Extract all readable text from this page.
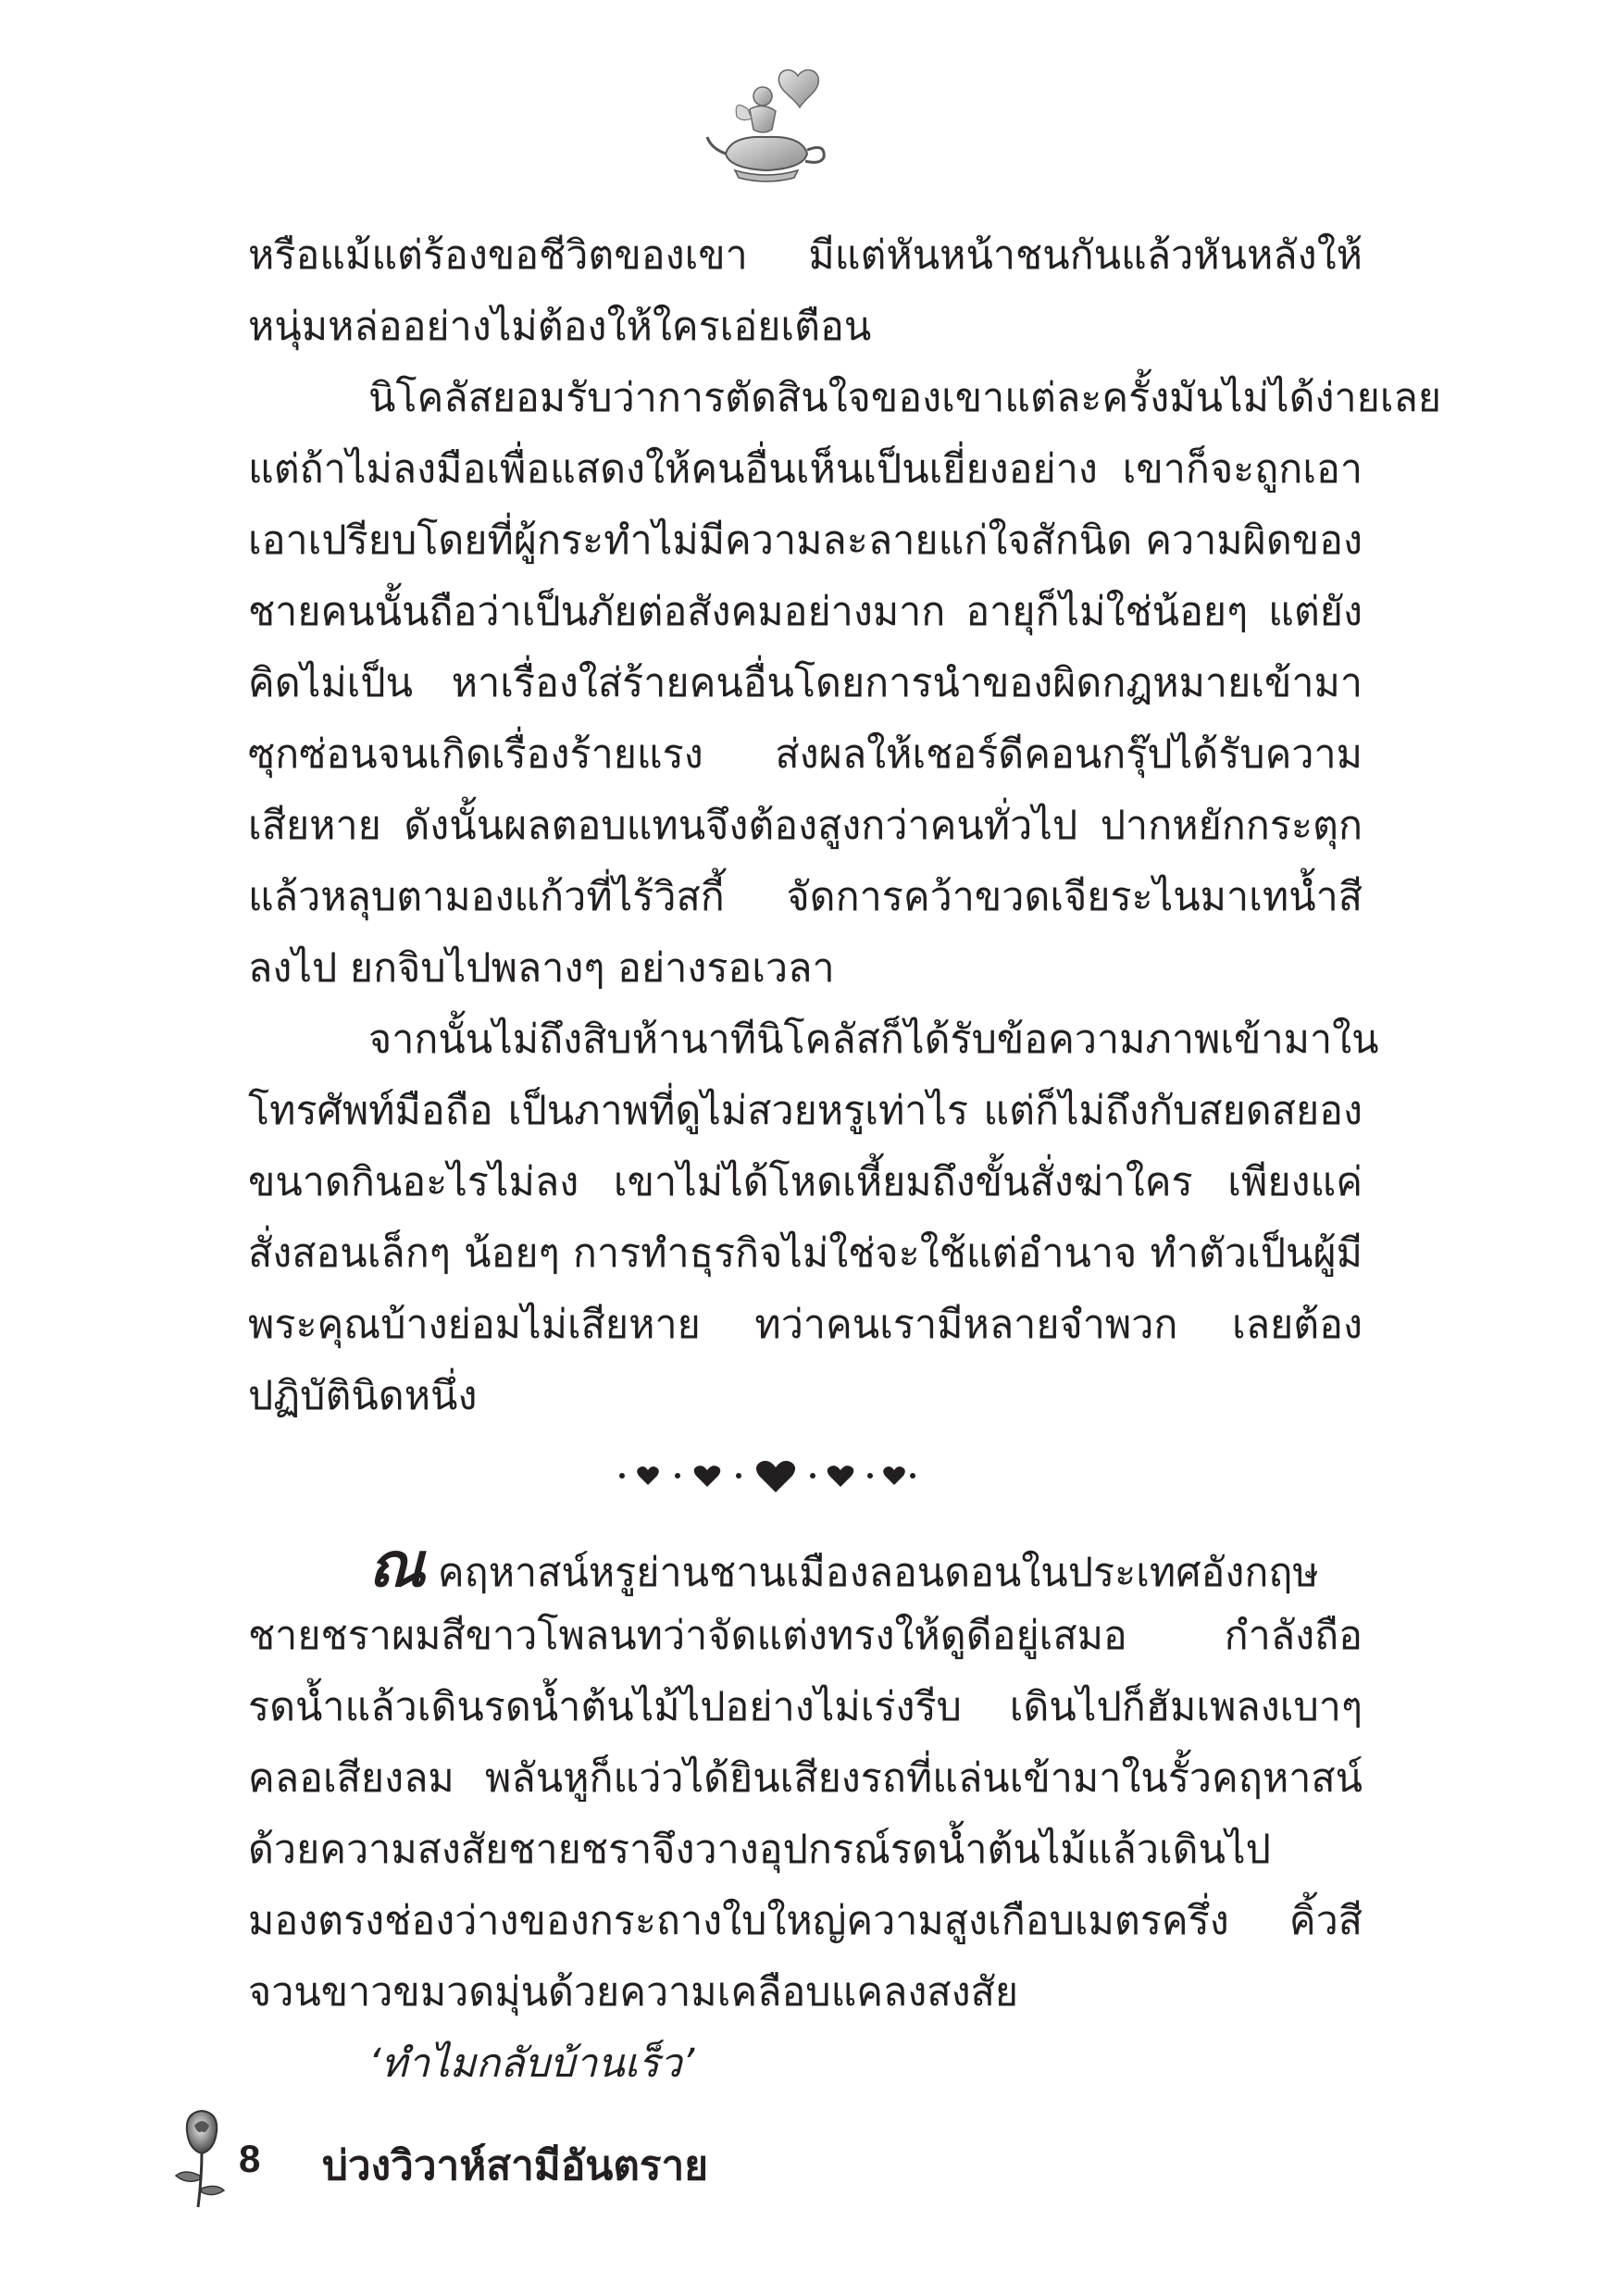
หรือแม้แต่ร้องขอชีวิตของเขา มีแต่หันหน้าชนกันแล้วหันหลังให้
หนุ่มหล่ออย่างไม่ต้องให้ใครเอ่ยเตือน
นิโคลัสยอมรับว่าการตัดสินใจของเขาแต่ละครั้งมันไม่ได้ง่ายเลย
แต่ถ้าไม่ลงมือเพื่อแสดงให้คนอื่นเห็นเป็นเยี่ยงอย่าง เขาก็จะถูกเอา
เอาเปรียบโดยที่ผู้กระทำไม่มีความละลายแก่ใจสักนิด ความผิดของ
ชายคนนั้นถือว่าเป็นภัยต่อสังคมอย่างมาก อายุก็ไม่ใช่น้อยๆ แต่ยัง
คิดไม่เป็น หาเรื่องใส่ร้ายคนอื่นโดยการนำของผิดกฎหมายเข้ามา
ซุกซ่อนจนเกิดเรื่องร้ายแรง ส่งผลให้เชอร์ดีคอนกรุ๊ปได้รับความ
เสียหาย ดังนั้นผลตอบแทนจึงต้องสูงกว่าคนทั่วไป ปากหยักกระตุก
แล้วหลุบตามองแก้วที่ไร้วิสกี้ จัดการคว้าขวดเจียระไนมาเทน้ำสี
ลงไป ยกจิบไปพลางๆ อย่างรอเวลา
จากนั้นไม่ถึงสิบห้านาทีนิโคลัสก็ได้รับข้อความภาพเข้ามาใน
โทรศัพท์มือถือ เป็นภาพที่ดูไม่สวยหรูเท่าไร แต่ก็ไม่ถึงกับสยดสยอง
ขนาดกินอะไรไม่ลง เขาไม่ได้โหดเหี้ยมถึงขั้นสั่งฆ่าใคร เพียงแค่
สั่งสอนเล็กๆ น้อยๆ การทำธุรกิจไม่ใช่จะใช้แต่อำนาจ ทำตัวเป็นผู้มี
พระคุณบ้างย่อมไม่เสียหาย ทว่าคนเรามีหลายจำพวก เลยต้อง
ปฏิบัตินิดหนึ่ง
ณ คฤหาสน์หรูย่านชานเมืองลอนดอนในประเทศอังกฤษ
ชายชราผมสีขาวโพลนทว่าจัดแต่งทรงให้ดูดีอยู่เสมอ กำลังถือ
รดน้ำแล้วเดินรดน้ำต้นไม้ไปอย่างไม่เร่งรีบ เดินไปก็ฮัมเพลงเบาๆ
คลอเสียงลม พลันหูก็แว่วได้ยินเสียงรถที่แล่นเข้ามาในรั้วคฤหาสน์
ด้วยความสงสัยชายชราจึงวางอุปกรณ์รดน้ำต้นไม้แล้วเดินไป
มองตรงช่องว่างของกระถางใบใหญ่ความสูงเกือบเมตรครึ่ง คิ้วสี
จวนขาวขมวดมุ่นด้วยความเคลือบแคลงสงสัย
‘ทำไมกลับบ้านเร็ว’
8 บ่วงวิวาห์สามีอันตราย
